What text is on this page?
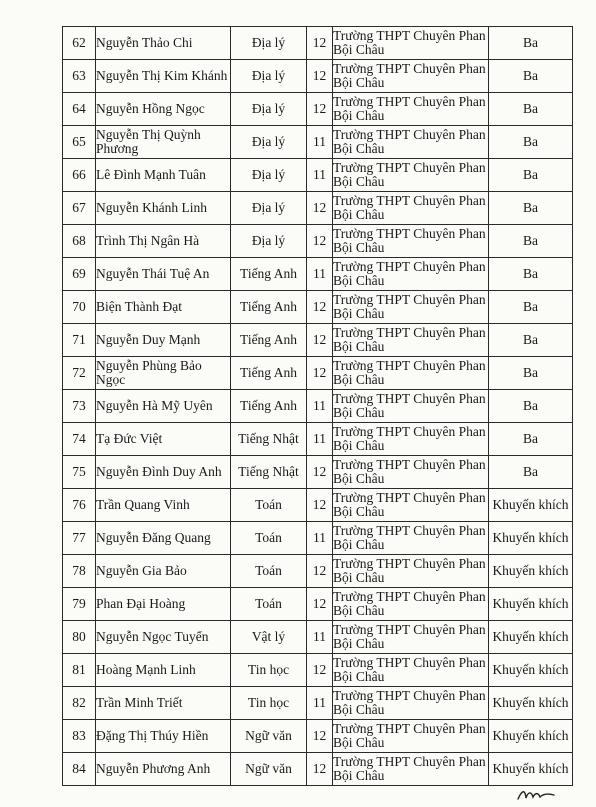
62	Nguyễn Thảo Chi	Địa lý	12	Trường THPT Chuyên Phan Bội Châu	Ba
63	Nguyễn Thị Kim Khánh	Địa lý	12	Trường THPT Chuyên Phan Bội Châu	Ba
64	Nguyễn Hồng Ngọc	Địa lý	12	Trường THPT Chuyên Phan Bội Châu	Ba
65	Nguyễn Thị Quỳnh Phương	Địa lý	11	Trường THPT Chuyên Phan Bội Châu	Ba
66	Lê Đình Mạnh Tuân	Địa lý	11	Trường THPT Chuyên Phan Bội Châu	Ba
67	Nguyễn Khánh Linh	Địa lý	12	Trường THPT Chuyên Phan Bội Châu	Ba
68	Trình Thị Ngân Hà	Địa lý	12	Trường THPT Chuyên Phan Bội Châu	Ba
69	Nguyễn Thái Tuệ An	Tiếng Anh	11	Trường THPT Chuyên Phan Bội Châu	Ba
70	Biện Thành Đạt	Tiếng Anh	12	Trường THPT Chuyên Phan Bội Châu	Ba
71	Nguyễn Duy Mạnh	Tiếng Anh	12	Trường THPT Chuyên Phan Bội Châu	Ba
72	Nguyễn Phùng Bảo Ngọc	Tiếng Anh	12	Trường THPT Chuyên Phan Bội Châu	Ba
73	Nguyễn Hà Mỹ Uyên	Tiếng Anh	11	Trường THPT Chuyên Phan Bội Châu	Ba
74	Tạ Đức Việt	Tiếng Nhật	11	Trường THPT Chuyên Phan Bội Châu	Ba
75	Nguyễn Đình Duy Anh	Tiếng Nhật	12	Trường THPT Chuyên Phan Bội Châu	Ba
76	Trần Quang Vinh	Toán	12	Trường THPT Chuyên Phan Bội Châu	Khuyến khích
77	Nguyễn Đăng Quang	Toán	11	Trường THPT Chuyên Phan Bội Châu	Khuyến khích
78	Nguyễn Gia Bảo	Toán	12	Trường THPT Chuyên Phan Bội Châu	Khuyến khích
79	Phan Đại Hoàng	Toán	12	Trường THPT Chuyên Phan Bội Châu	Khuyến khích
80	Nguyễn Ngọc Tuyển	Vật lý	11	Trường THPT Chuyên Phan Bội Châu	Khuyến khích
81	Hoàng Mạnh Linh	Tin học	12	Trường THPT Chuyên Phan Bội Châu	Khuyến khích
82	Trần Minh Triết	Tin học	11	Trường THPT Chuyên Phan Bội Châu	Khuyến khích
83	Đặng Thị Thúy Hiền	Ngữ văn	12	Trường THPT Chuyên Phan Bội Châu	Khuyến khích
84	Nguyễn Phương Anh	Ngữ văn	12	Trường THPT Chuyên Phan Bội Châu	Khuyến khích
